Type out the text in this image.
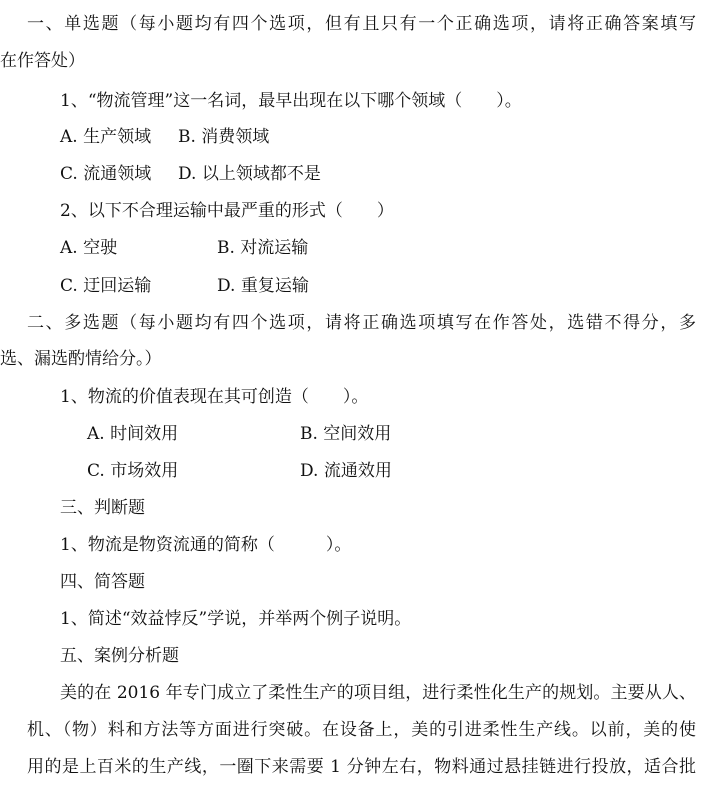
一、单选题（每小题均有四个选项，但有且只有一个正确选项，请将正确答案填写
在作答处）
1、“物流管理”这一名词，最早出现在以下哪个领域（　　）。
A. 生产领域 B. 消费领域
C. 流通领域 D. 以上领域都不是
2、以下不合理运输中最严重的形式（　　）
A. 空驶	B. 对流运输
C. 迂回运输	D. 重复运输
二、多选题（每小题均有四个选项，请将正确选项填写在作答处，选错不得分，多
选、漏选酌情给分。）
1、物流的价值表现在其可创造（　　）。
A. 时间效用	B. 空间效用
C. 市场效用	D. 流通效用
三、判断题
1、物流是物资流通的简称（　　　）。
四、简答题
1、简述“效益悖反”学说，并举两个例子说明。
五、案例分析题
美的在 2016 年专门成立了柔性生产的项目组，进行柔性化生产的规划。主要从人、
机、（物）料和方法等方面进行突破。在设备上，美的引进柔性生产线。以前，美的使
用的是上百米的生产线，一圈下来需要 1 分钟左右，物料通过悬挂链进行投放，适合批
